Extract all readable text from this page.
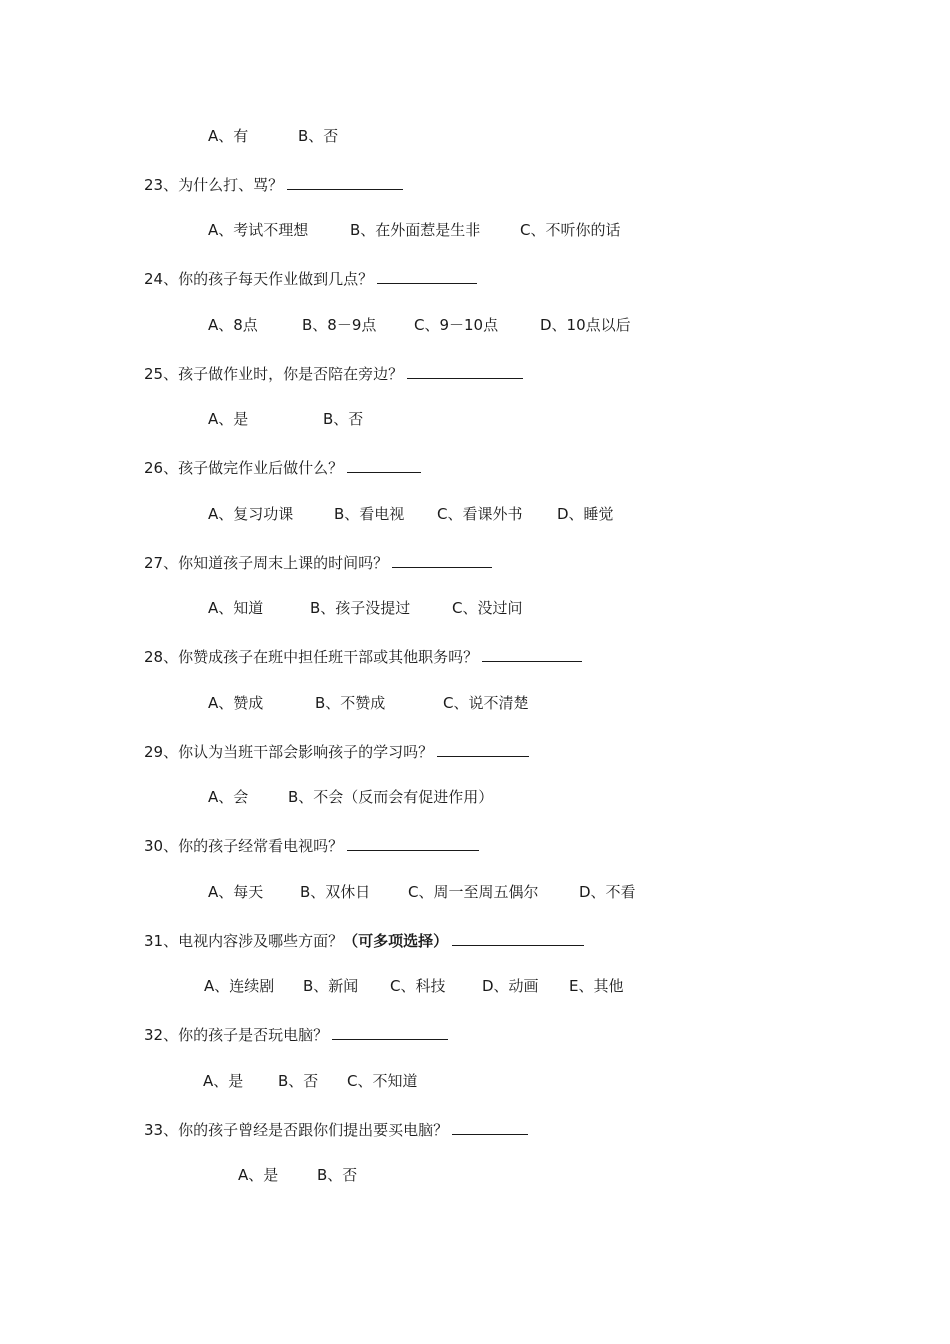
A、有	B、否
23、为什么打、骂？
A、考试不理想	B、在外面惹是生非	C、不听你的话
24、你的孩子每天作业做到几点？
A、8点	B、8－9点	C、9－10点	D、10点以后
25、孩子做作业时，你是否陪在旁边？
A、是	B、否
26、孩子做完作业后做什么？
A、复习功课	B、看电视 C、看课外书 D、睡觉
27、你知道孩子周末上课的时间吗？
A、知道	B、孩子没提过	C、没过问
28、你赞成孩子在班中担任班干部或其他职务吗？
A、赞成	B、不赞成	C、说不清楚
29、你认为当班干部会影响孩子的学习吗？
A、会	B、不会（反而会有促进作用）
30、你的孩子经常看电视吗？
A、每天 B、双休日	C、周一至周五偶尔	D、不看
31、电视内容涉及哪些方面？（可多项选择）
A、连续剧 B、新闻 C、科技 D、动画 E、其他
32、你的孩子是否玩电脑？
A、是 B、否 C、不知道
33、你的孩子曾经是否跟你们提出要买电脑？
A、是	B、否
